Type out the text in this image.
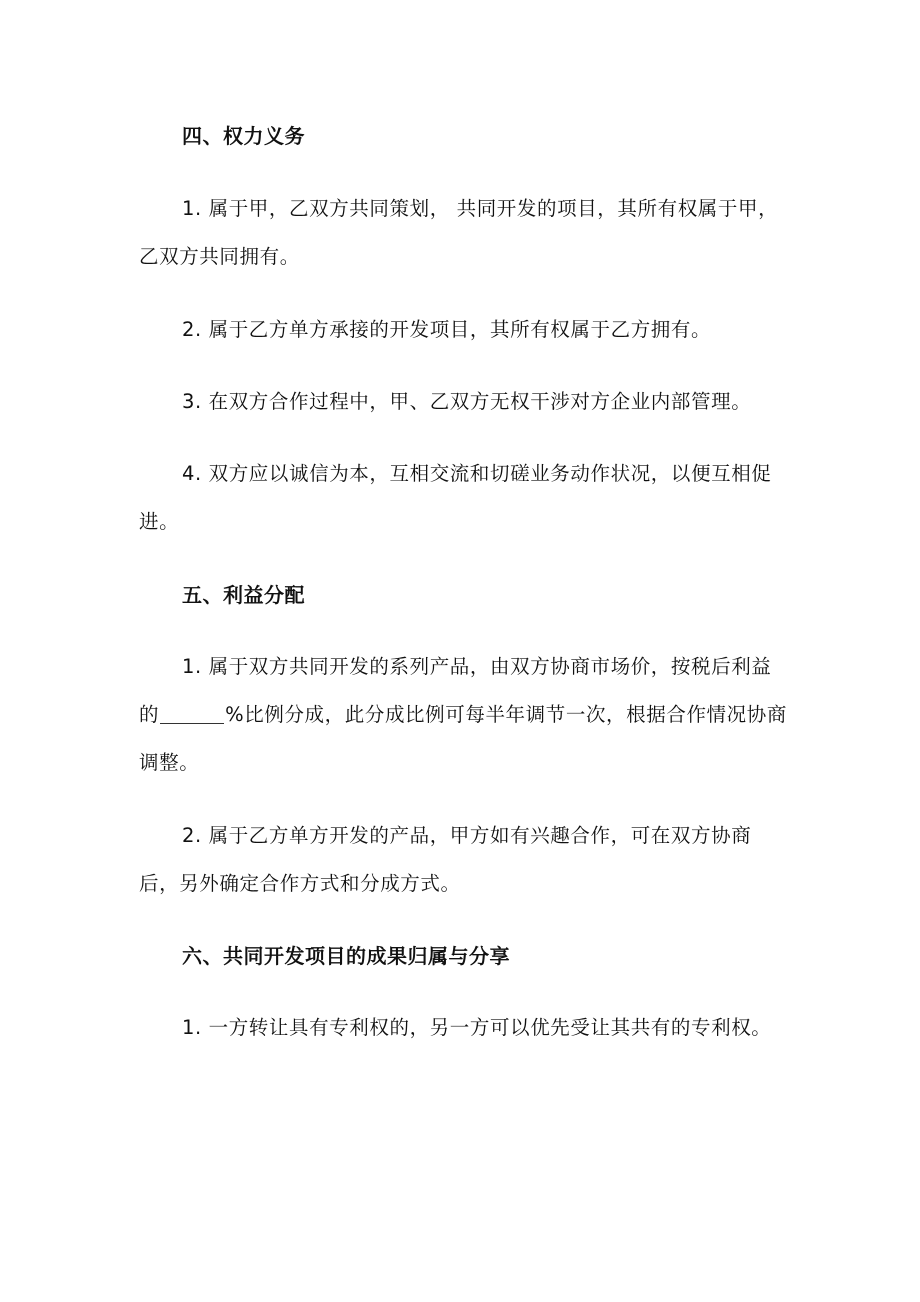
四、权力义务

1. 属于甲，乙双方共同策划， 共同开发的项目，其所有权属于甲，乙双方共同拥有。

2. 属于乙方单方承接的开发项目，其所有权属于乙方拥有。

3. 在双方合作过程中，甲、乙双方无权干涉对方企业内部管理。

4. 双方应以诚信为本，互相交流和切磋业务动作状况，以便互相促进。

五、利益分配

1. 属于双方共同开发的系列产品，由双方协商市场价，按税后利益的	%比例分成，此分成比例可每半年调节一次，根据合作情况协商调整。

2. 属于乙方单方开发的产品，甲方如有兴趣合作，可在双方协商后，另外确定合作方式和分成方式。

六、共同开发项目的成果归属与分享

1. 一方转让具有专利权的，另一方可以优先受让其共有的专利权。
